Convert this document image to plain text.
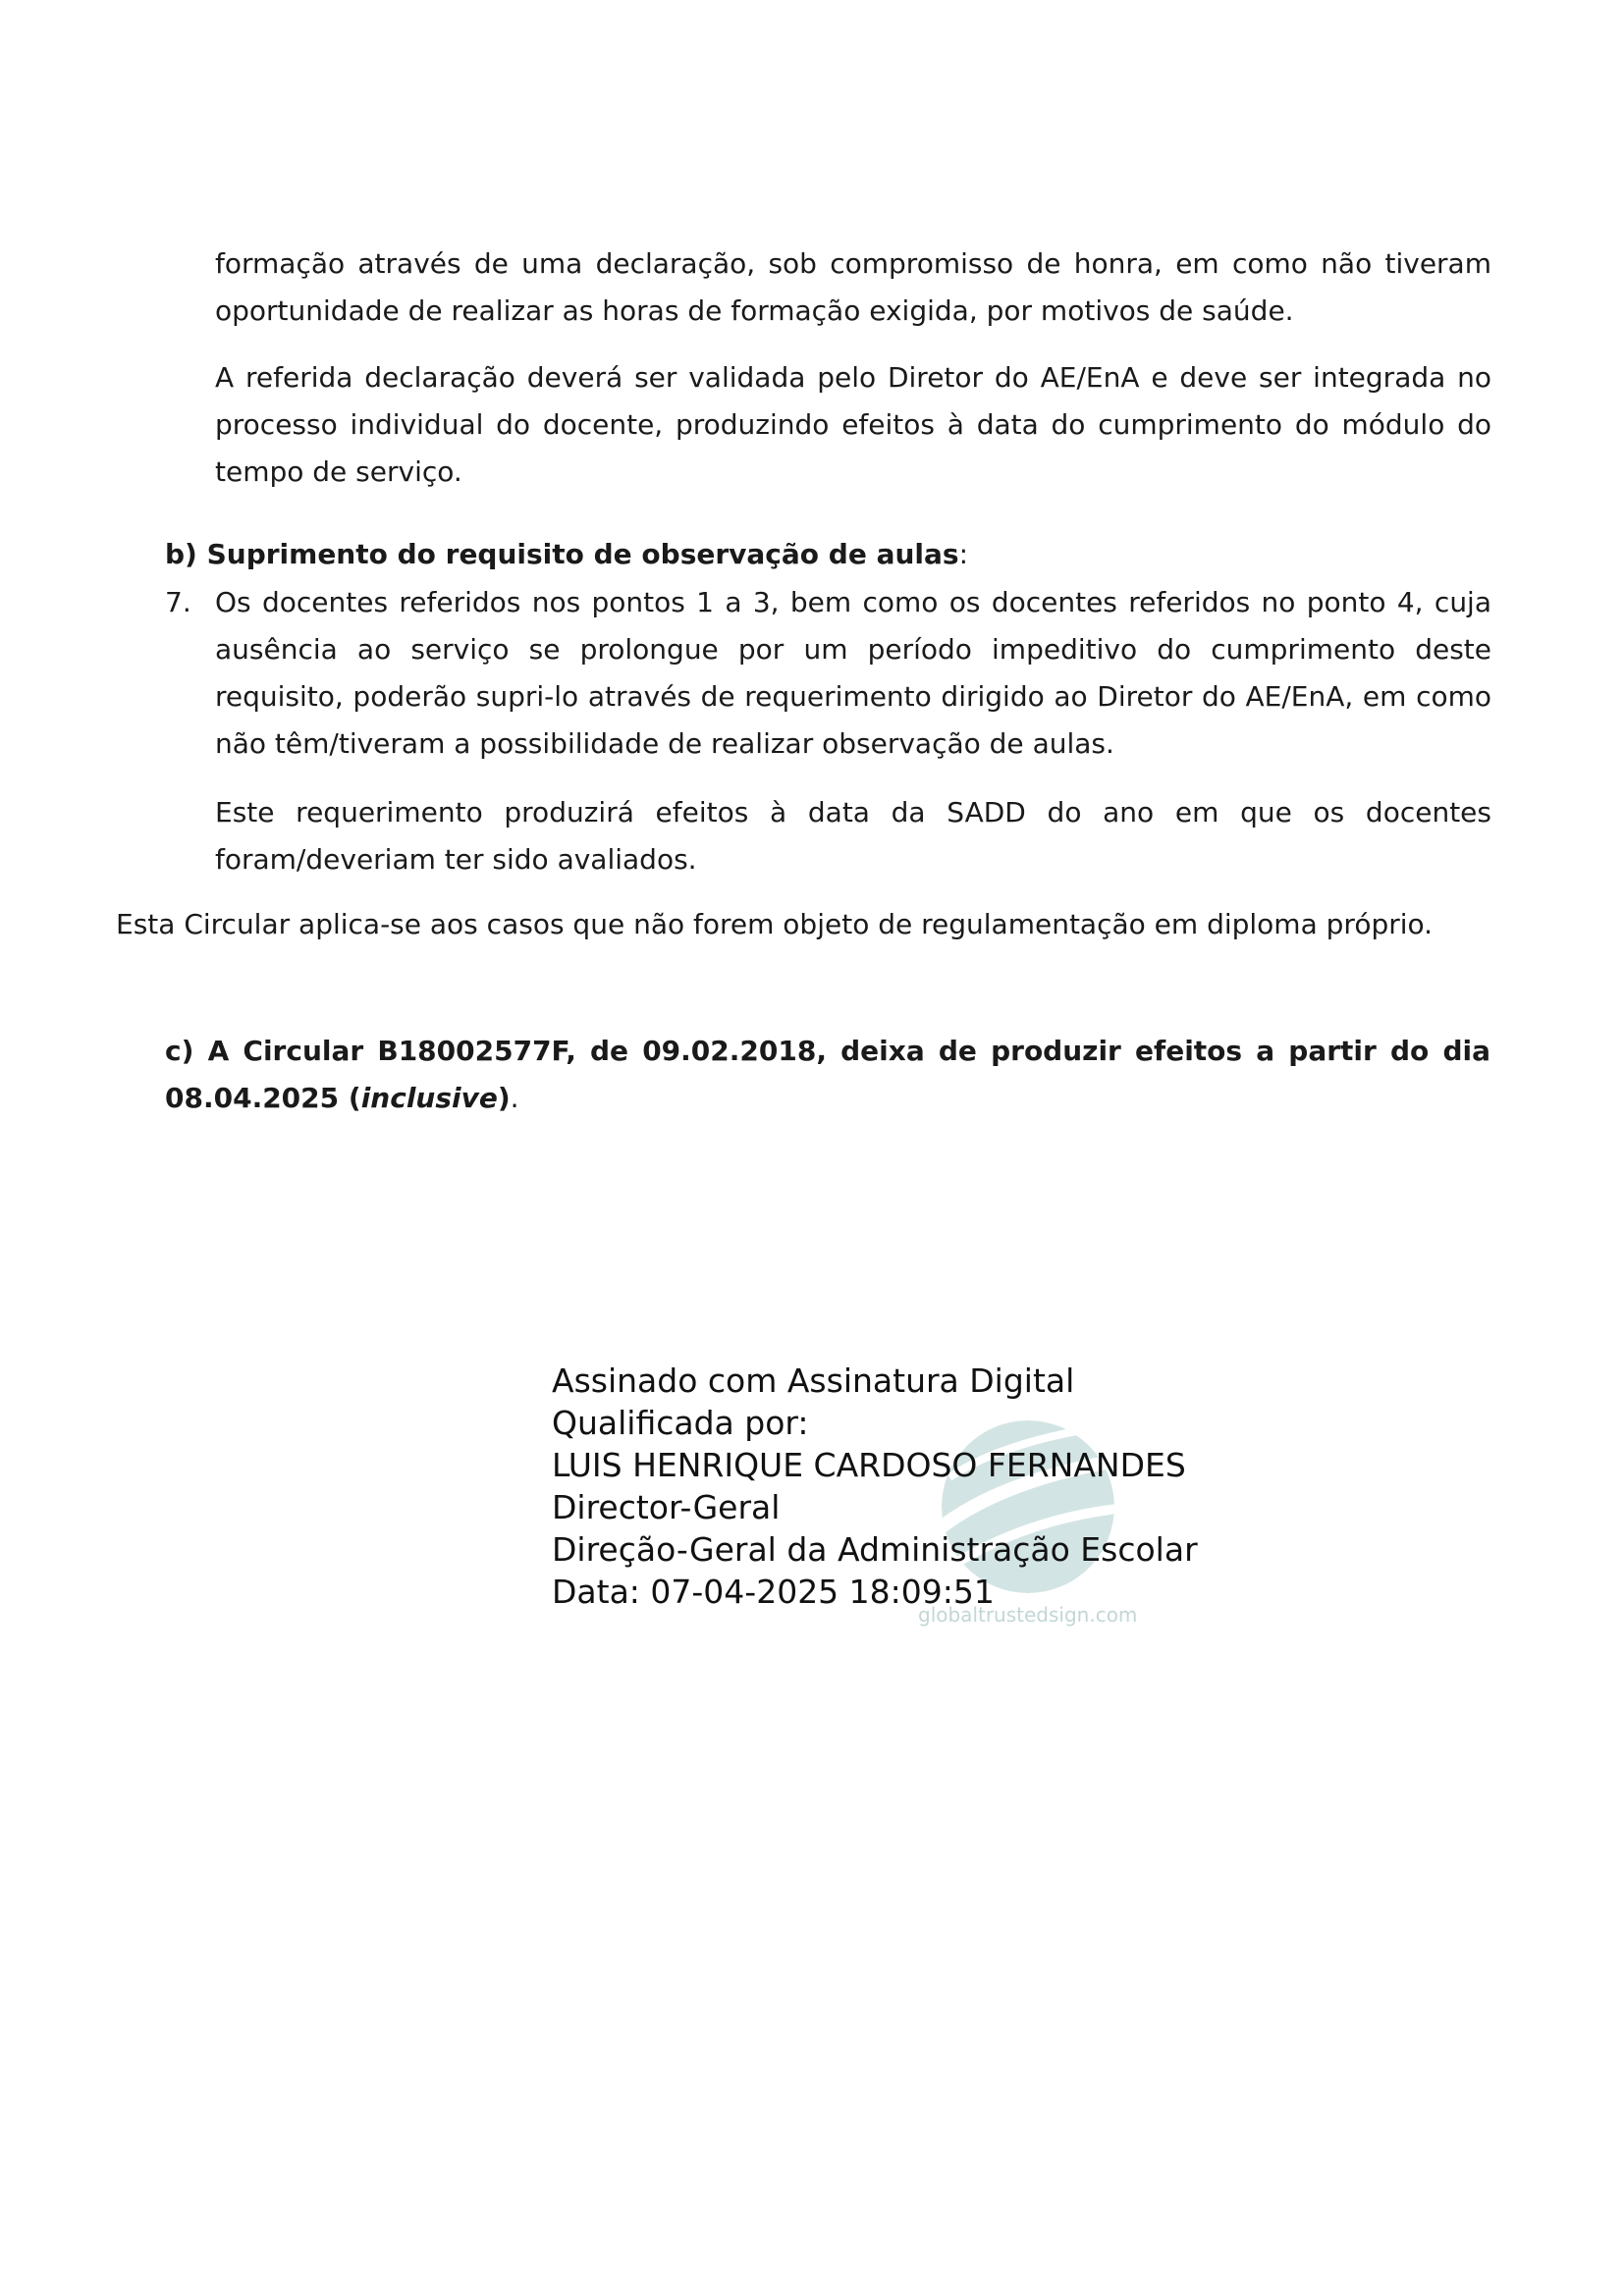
formação através de uma declaração, sob compromisso de honra, em como não tiveram oportunidade de realizar as horas de formação exigida, por motivos de saúde.

A referida declaração deverá ser validada pelo Diretor do AE/EnA e deve ser integrada no processo individual do docente, produzindo efeitos à data do cumprimento do módulo do tempo de serviço.

b) Suprimento do requisito de observação de aulas:

7. Os docentes referidos nos pontos 1 a 3, bem como os docentes referidos no ponto 4, cuja ausência ao serviço se prolongue por um período impeditivo do cumprimento deste requisito, poderão supri-lo através de requerimento dirigido ao Diretor do AE/EnA, em como não têm/tiveram a possibilidade de realizar observação de aulas.

Este requerimento produzirá efeitos à data da SADD do ano em que os docentes foram/deveriam ter sido avaliados.

Esta Circular aplica-se aos casos que não forem objeto de regulamentação em diploma próprio.

c) A Circular B18002577F, de 09.02.2018, deixa de produzir efeitos a partir do dia 08.04.2025 (inclusive).

Assinado com Assinatura Digital
Qualificada por:
LUIS HENRIQUE CARDOSO FERNANDES
Director-Geral
Direção-Geral da Administração Escolar
Data: 07-04-2025 18:09:51
globaltrustedsign.com
